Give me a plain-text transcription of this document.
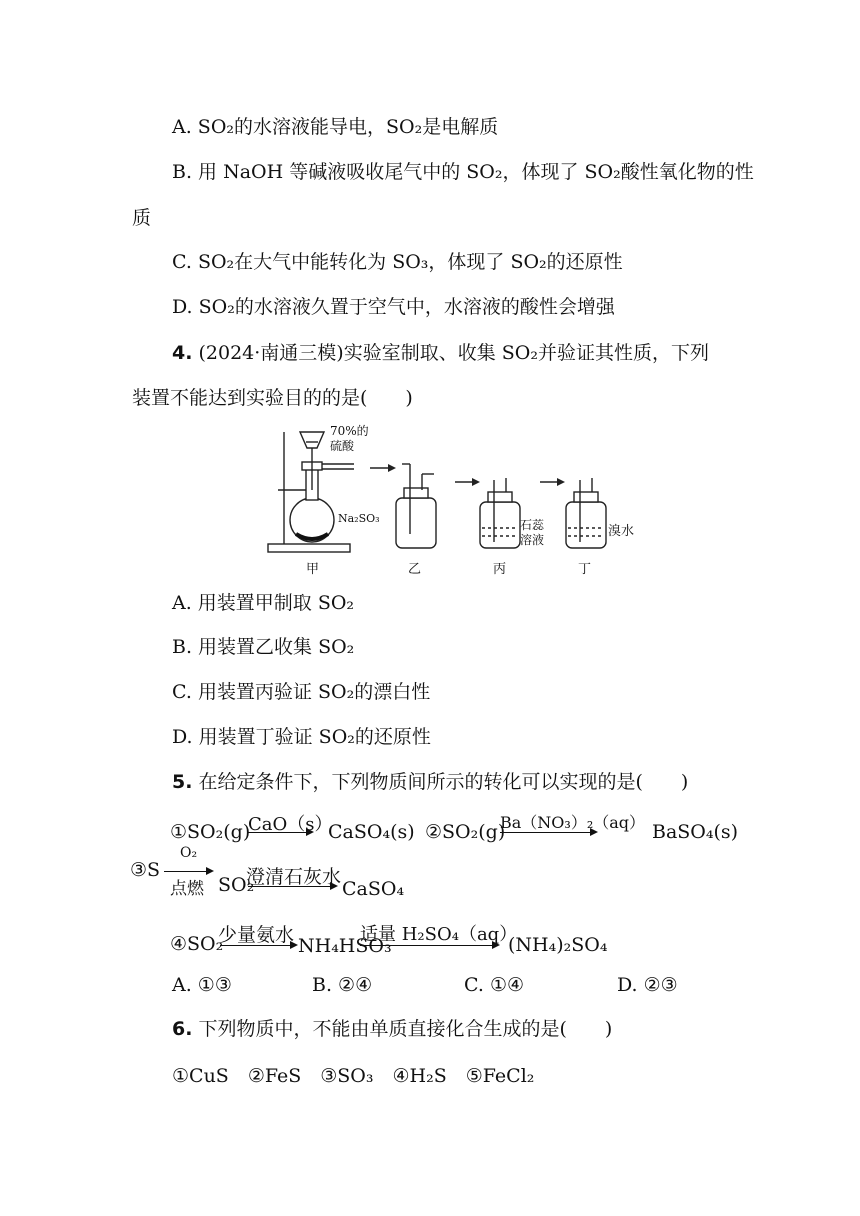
A. SO₂的水溶液能导电，SO₂是电解质
B. 用 NaOH 等碱液吸收尾气中的 SO₂，体现了 SO₂酸性氧化物的性
质
C. SO₂在大气中能转化为 SO₃，体现了 SO₂的还原性
D. SO₂的水溶液久置于空气中，水溶液的酸性会增强
4. (2024·南通三模)实验室制取、收集 SO₂并验证其性质，下列
装置不能达到实验目的的是(　　)
70%的
硫酸
Na₂SO₃	石蕊
溶液
溴水
甲	乙	丙	丁
A. 用装置甲制取 SO₂
B. 用装置乙收集 SO₂
C. 用装置丙验证 SO₂的漂白性
D. 用装置丁验证 SO₂的还原性
5. 在给定条件下，下列物质间所示的转化可以实现的是(　　)
①SO₂(g)
CaO（s）
CaSO₄(s) ②SO₂(g)
Ba（NO₃）₂（aq） BaSO₄(s)
③S
O₂
点燃 SO₂
澄清石灰水
CaSO₄
④SO₂
少量氨水 NH₄HSO₃
适量 H₂SO₄（aq）
(NH₄)₂SO₄
A. ①③	B. ②④	C. ①④	D. ②③
6. 下列物质中，不能由单质直接化合生成的是(　　)
①CuS　②FeS　③SO₃　④H₂S　⑤FeCl₂
